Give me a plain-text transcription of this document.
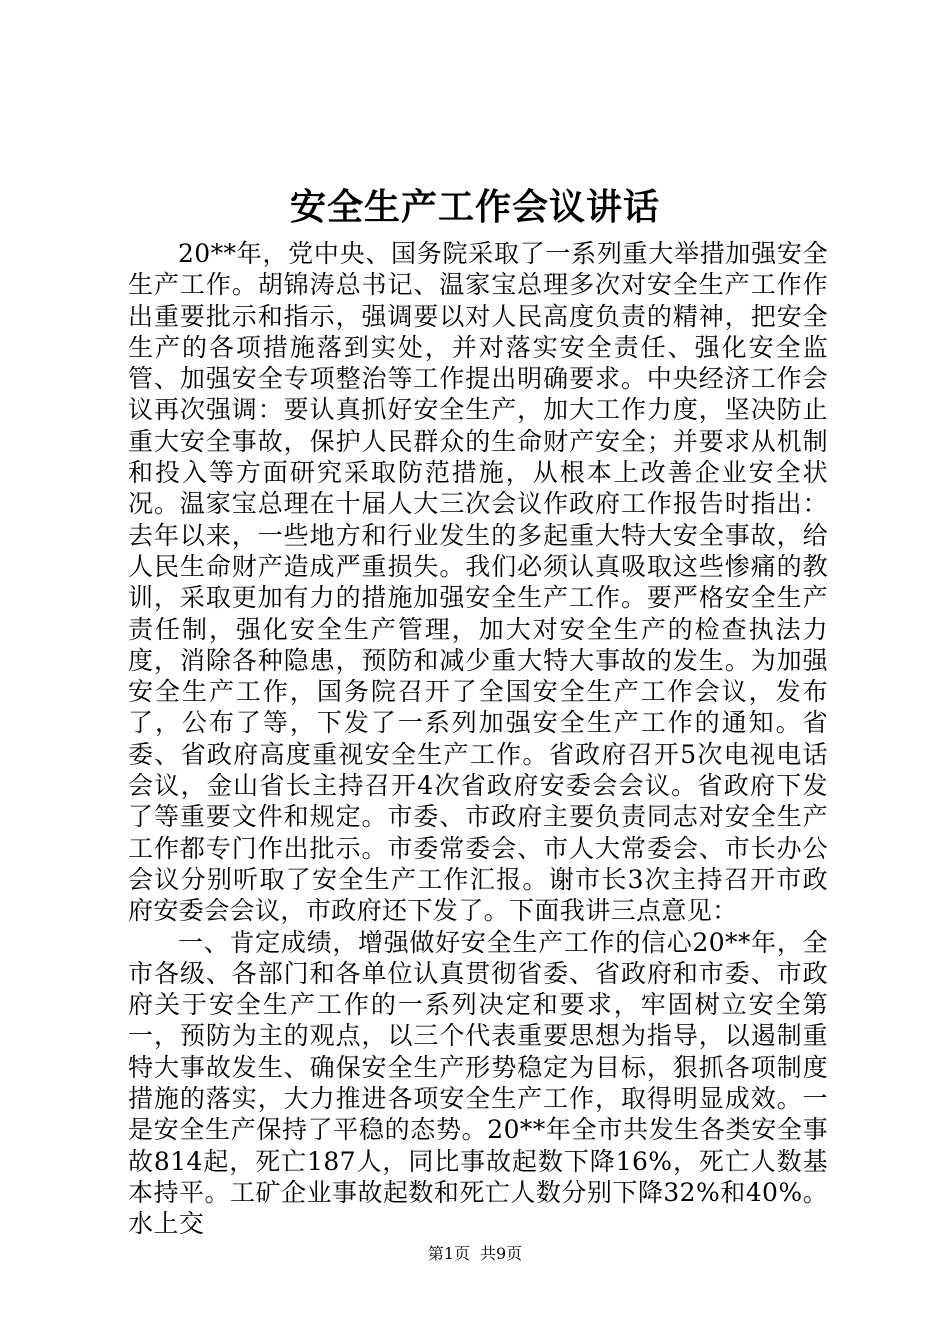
安全生产工作会议讲话

20**年，党中央、国务院采取了一系列重大举措加强安全生产工作。胡锦涛总书记、温家宝总理多次对安全生产工作作出重要批示和指示，强调要以对人民高度负责的精神，把安全生产的各项措施落到实处，并对落实安全责任、强化安全监管、加强安全专项整治等工作提出明确要求。中央经济工作会议再次强调：要认真抓好安全生产，加大工作力度，坚决防止重大安全事故，保护人民群众的生命财产安全；并要求从机制和投入等方面研究采取防范措施，从根本上改善企业安全状况。温家宝总理在十届人大三次会议作政府工作报告时指出：去年以来，一些地方和行业发生的多起重大特大安全事故，给人民生命财产造成严重损失。我们必须认真吸取这些惨痛的教训，采取更加有力的措施加强安全生产工作。要严格安全生产责任制，强化安全生产管理，加大对安全生产的检查执法力度，消除各种隐患，预防和减少重大特大事故的发生。为加强安全生产工作，国务院召开了全国安全生产工作会议，发布了，公布了等，下发了一系列加强安全生产工作的通知。省委、省政府高度重视安全生产工作。省政府召开5次电视电话会议，金山省长主持召开4次省政府安委会会议。省政府下发了等重要文件和规定。市委、市政府主要负责同志对安全生产工作都专门作出批示。市委常委会、市人大常委会、市长办公会议分别听取了安全生产工作汇报。谢市长3次主持召开市政府安委会会议，市政府还下发了。下面我讲三点意见：

一、肯定成绩，增强做好安全生产工作的信心20**年，全市各级、各部门和各单位认真贯彻省委、省政府和市委、市政府关于安全生产工作的一系列决定和要求，牢固树立安全第一，预防为主的观点，以三个代表重要思想为指导，以遏制重特大事故发生、确保安全生产形势稳定为目标，狠抓各项制度措施的落实，大力推进各项安全生产工作，取得明显成效。一是安全生产保持了平稳的态势。20**年全市共发生各类安全事故814起，死亡187人，同比事故起数下降16%，死亡人数基本持平。工矿企业事故起数和死亡人数分别下降32%和40%。水上交

第1页 共9页
